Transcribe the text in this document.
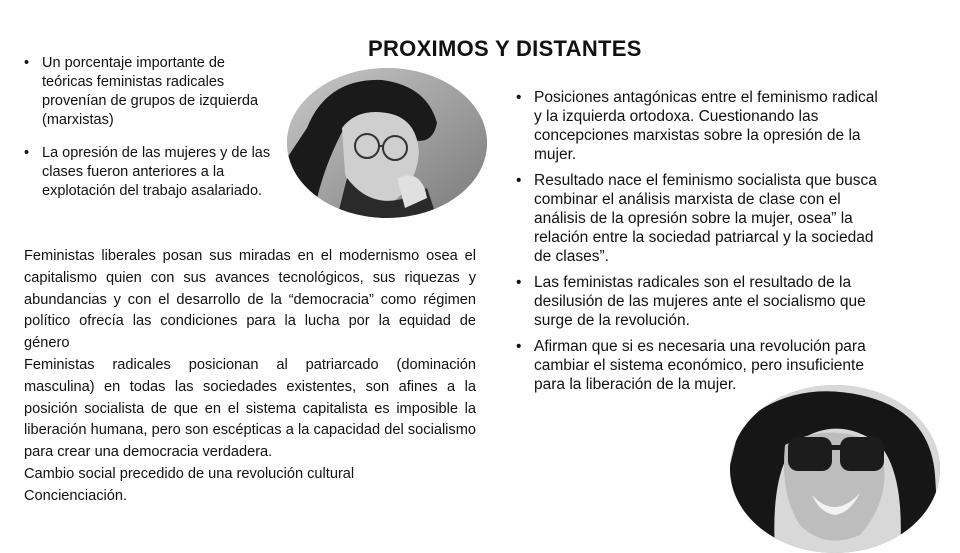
PROXIMOS Y DISTANTES
• Un porcentaje importante de teóricas feministas radicales provenían de grupos de izquierda (marxistas)
• La opresión de las mujeres y de las clases fueron anteriores a la explotación del trabajo asalariado.

Feministas liberales posan sus miradas en el modernismo osea el capitalismo quien con sus avances tecnológicos, sus riquezas y abundancias y con el desarrollo de la “democracia” como régimen político ofrecía las condiciones para la lucha por la equidad de género

Feministas radicales posicionan al patriarcado (dominación masculina) en todas las sociedades existentes, son afines a la posición socialista de que en el sistema capitalista es imposible la liberación humana, pero son escépticas a la capacidad del socialismo para crear una democracia verdadera.

Cambio social precedido de una revolución cultural

Concienciación.

• Posiciones antagónicas entre el feminismo radical y la izquierda ortodoxa. Cuestionando las concepciones marxistas sobre la opresión de la mujer.
• Resultado nace el feminismo socialista que busca combinar el análisis marxista de clase con el análisis de la opresión sobre la mujer, osea” la relación entre la sociedad patriarcal y la sociedad de clases”.
• Las feministas radicales son el resultado de la desilusión de las mujeres ante el socialismo que surge de la revolución.
• Afirman que si es necesaria una revolución para cambiar el sistema económico, pero insuficiente para la liberación de la mujer.
